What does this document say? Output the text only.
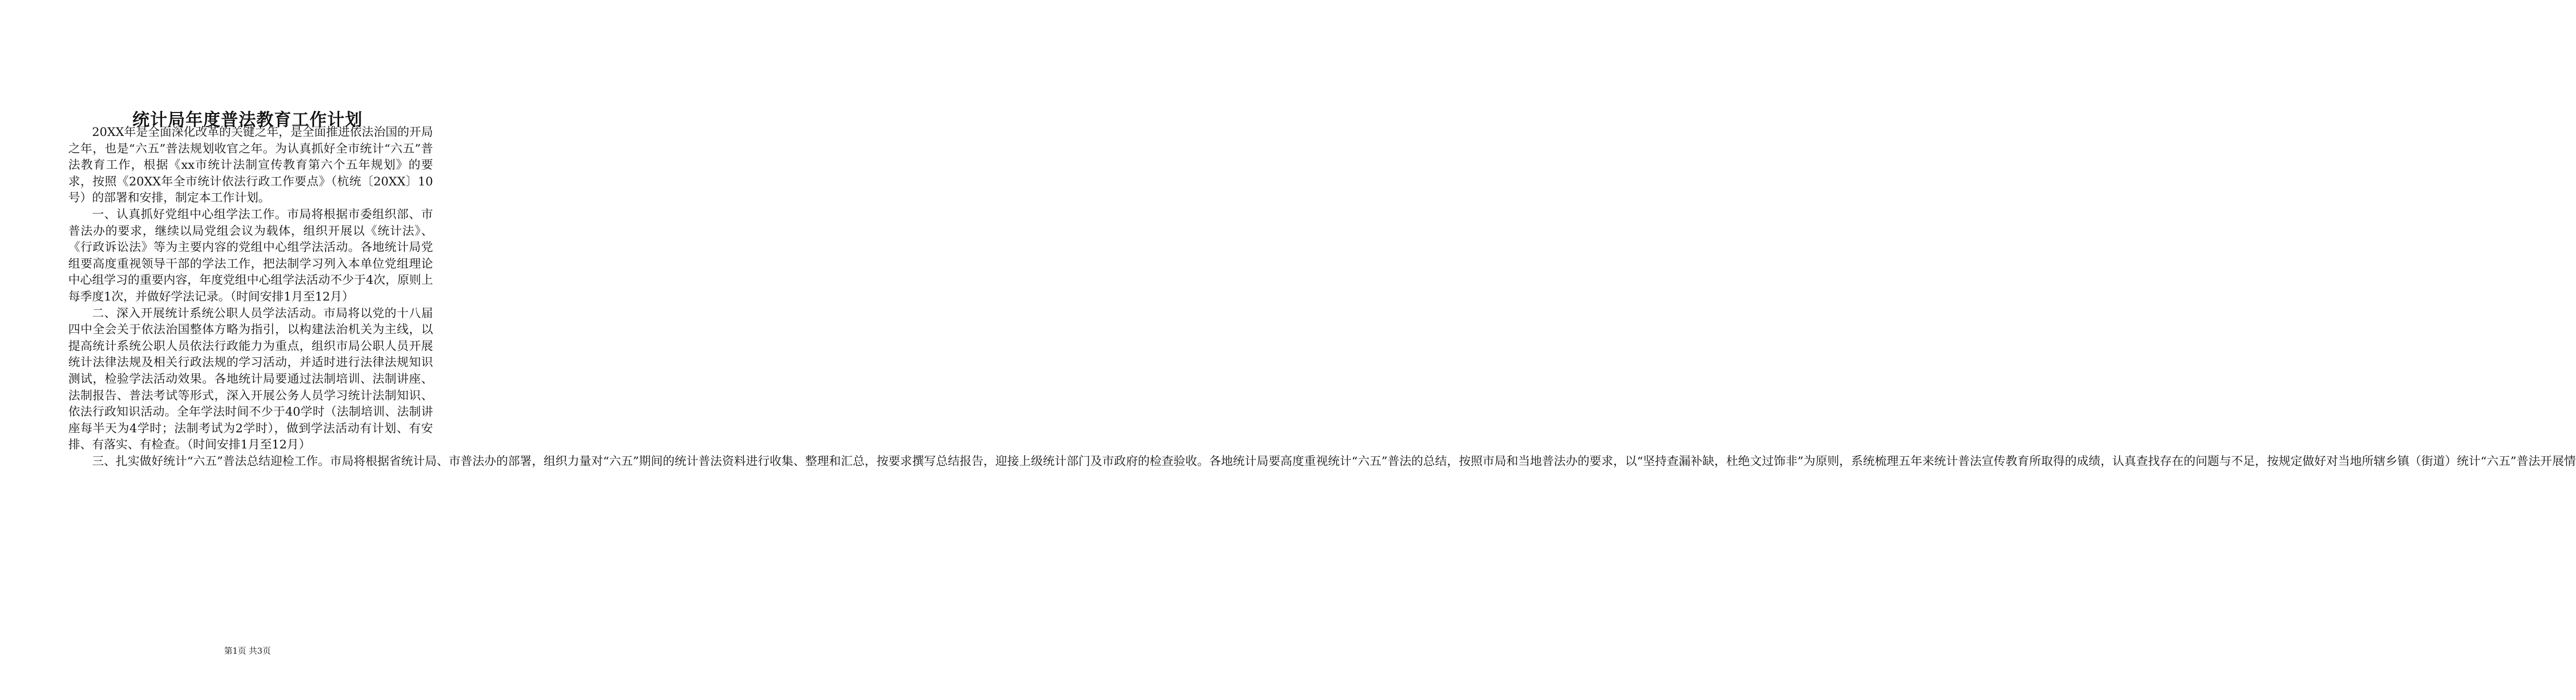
统计局年度普法教育工作计划

20XX年是全面深化改革的关键之年，是全面推进依法治国的开局之年，也是“六五”普法规划收官之年。为认真抓好全市统计“六五”普法教育工作，根据《xx市统计法制宣传教育第六个五年规划》的要求，按照《20XX年全市统计依法行政工作要点》（杭统〔20XX〕10号）的部署和安排，制定本工作计划。

一、认真抓好党组中心组学法工作。市局将根据市委组织部、市普法办的要求，继续以局党组会议为载体，组织开展以《统计法》、《行政诉讼法》等为主要内容的党组中心组学法活动。各地统计局党组要高度重视领导干部的学法工作，把法制学习列入本单位党组理论中心组学习的重要内容，年度党组中心组学法活动不少于4次，原则上每季度1次，并做好学法记录。（时间安排1月至12月）

二、深入开展统计系统公职人员学法活动。市局将以党的十八届四中全会关于依法治国整体方略为指引，以构建法治机关为主线，以提高统计系统公职人员依法行政能力为重点，组织市局公职人员开展统计法律法规及相关行政法规的学习活动，并适时进行法律法规知识测试，检验学法活动效果。各地统计局要通过法制培训、法制讲座、法制报告、普法考试等形式，深入开展公务人员学习统计法制知识、依法行政知识活动。全年学法时间不少于40学时（法制培训、法制讲座每半天为4学时；法制考试为2学时），做到学法活动有计划、有安排、有落实、有检查。（时间安排1月至12月）

三、扎实做好统计“六五”普法总结迎检工作。市局将根据省统计局、市普法办的部署，组织力量对“六五”期间的统计普法资料进行收集、整理和汇总，按要求撰写总结报告，迎接上级统计部门及市政府的检查验收。各地统计局要高度重视统计“六五”普法的总结，按照市局和当地普法办的要求，以“坚持查漏补缺，杜绝文过饰非”为原则，系统梳理五年来统计普法宣传教育所取得的成绩，认真查找存在的问题与不足，按规定做好对当地所辖乡镇（街道）统计“六五”普法开展情

第1页 共3页
